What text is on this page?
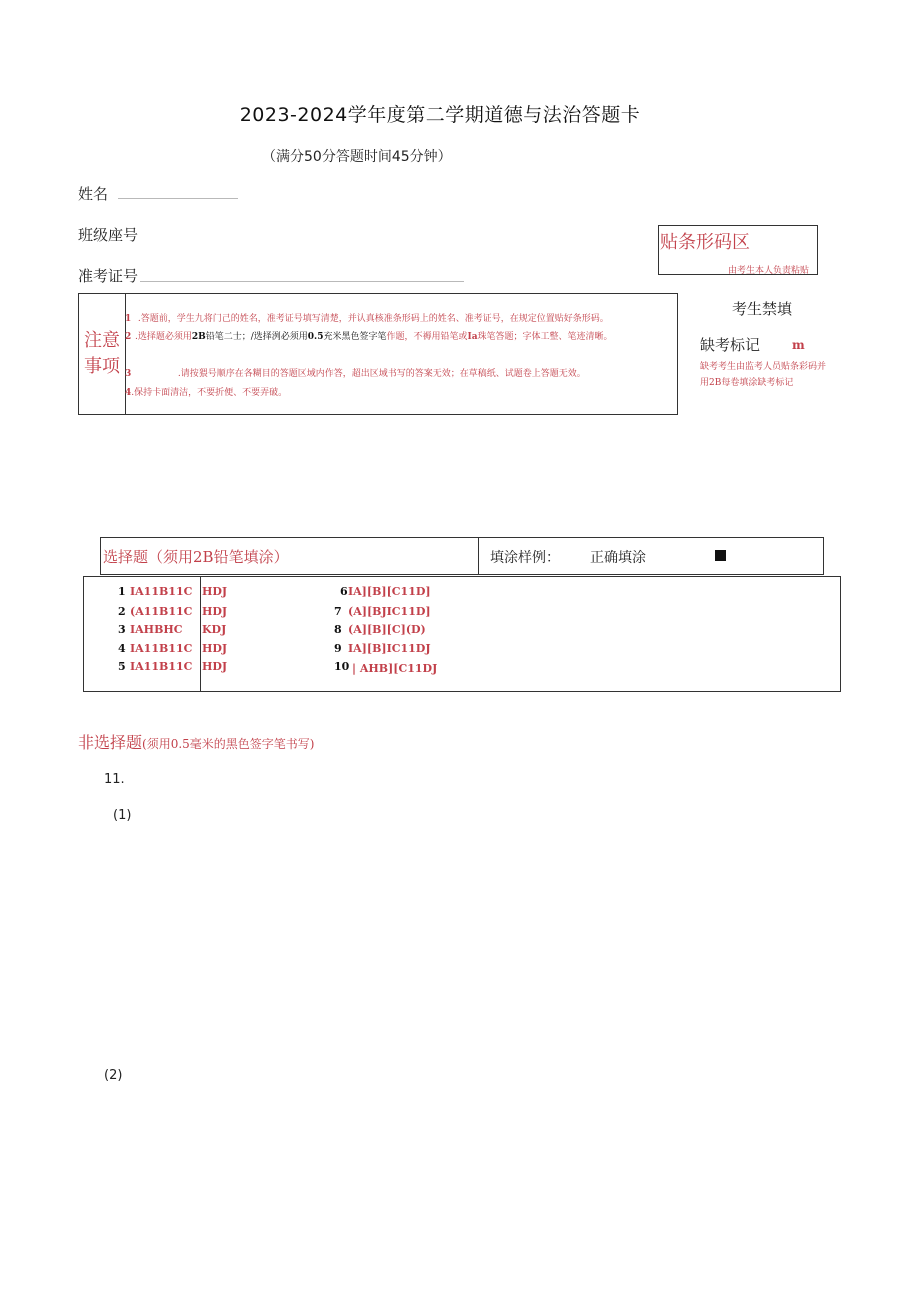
2023-2024学年度第二学期道德与法治答题卡
（满分50分答题时间45分钟）
姓名
班级座号
准考证号
贴条形码区
由考生本人负责粘贴
注意事项
1 .答题前，学生九将门己的姓名，准考证号填写清楚，并认真核准条形码上的姓名、准考证号，在规定位置贴好条形码。
2 .选择题必须用2B铅笔二士；/选择洌必须用0.5充米黑色签字笔作题，不褥用铅笔或Ia珠笔答题；字体工整、笔迹清晰。
3	.请按猥号顺序在各糊目的答题区域内作答，超出区域书写的答案无效；在草稿纸、试题卷上答題无效。
4.保持卡面清洁，不要折便、不要弄破。
考生禁填
缺考标记	m
缺考考生由监考人员贴条彩码并用2B每卷填涂缺考标记
选择题（须用2B铅笔填涂）	填涂样例： 正确填涂
1 IA11B11C HDJ	6 IA][B][C11D]
2 (A11B11C HDJ	7 (A][BJIC11D]
3 IAHBHC KDJ	8 (A][B][C](D)
4 IA11B11C HDJ	9 IA][B]IC11DJ
5 IA11B11C HDJ	10 | AHB][C11DJ
非选择题(须用0.5毫米的黑色签字笔书写)
11.
(1)
(2)
